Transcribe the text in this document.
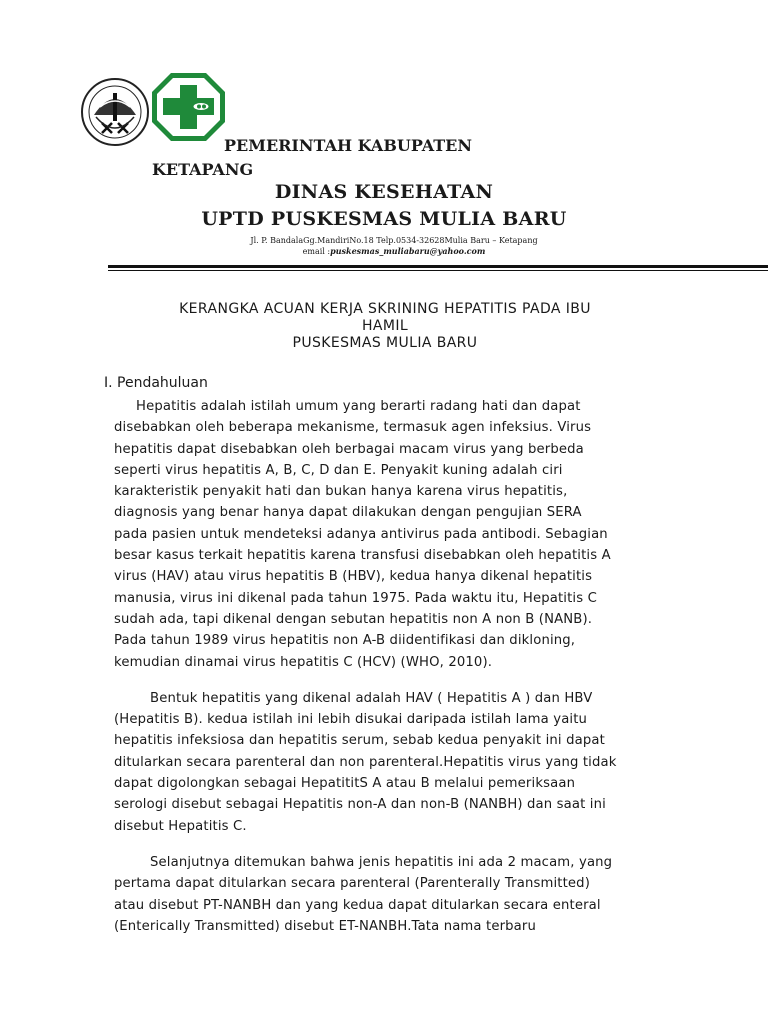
PEMERINTAH KABUPATEN
KETAPANG
DINAS KESEHATAN
UPTD PUSKESMAS MULIA BARU

Jl. P. BandalaGg.MandiriNo.18 Telp.0534-32628Mulia Baru – Ketapang

email :puskesmas_muliabaru@yahoo.com

KERANGKA ACUAN KERJA SKRINING HEPATITIS PADA IBU
HAMIL
PUSKESMAS MULIA BARU
I. Pendahuluan

Hepatitis adalah istilah umum yang berarti radang hati dan dapat
disebabkan oleh beberapa mekanisme, termasuk agen infeksius. Virus
hepatitis dapat disebabkan oleh berbagai macam virus yang berbeda
seperti virus hepatitis A, B, C, D dan E. Penyakit kuning adalah ciri
karakteristik penyakit hati dan bukan hanya karena virus hepatitis,
diagnosis yang benar hanya dapat dilakukan dengan pengujian SERA
pada pasien untuk mendeteksi adanya antivirus pada antibodi. Sebagian
besar kasus terkait hepatitis karena transfusi disebabkan oleh hepatitis A
virus (HAV) atau virus hepatitis B (HBV), kedua hanya dikenal hepatitis
manusia, virus ini dikenal pada tahun 1975. Pada waktu itu, Hepatitis C
sudah ada, tapi dikenal dengan sebutan hepatitis non A non B (NANB).
Pada tahun 1989 virus hepatitis non A-B diidentifikasi dan dikloning,
kemudian dinamai virus hepatitis C (HCV) (WHO, 2010).

Bentuk hepatitis yang dikenal adalah HAV ( Hepatitis A ) dan HBV
(Hepatitis B). kedua istilah ini lebih disukai daripada istilah lama yaitu
hepatitis infeksiosa dan hepatitis serum, sebab kedua penyakit ini dapat
ditularkan secara parenteral dan non parenteral.Hepatitis virus yang tidak
dapat digolongkan sebagai HepatititS A atau B melalui pemeriksaan
serologi disebut sebagai Hepatitis non-A dan non-B (NANBH) dan saat ini
disebut Hepatitis C.

Selanjutnya ditemukan bahwa jenis hepatitis ini ada 2 macam, yang
pertama dapat ditularkan secara parenteral (Parenterally Transmitted)
atau disebut PT-NANBH dan yang kedua dapat ditularkan secara enteral
(Enterically Transmitted) disebut ET-NANBH.Tata nama terbaru
